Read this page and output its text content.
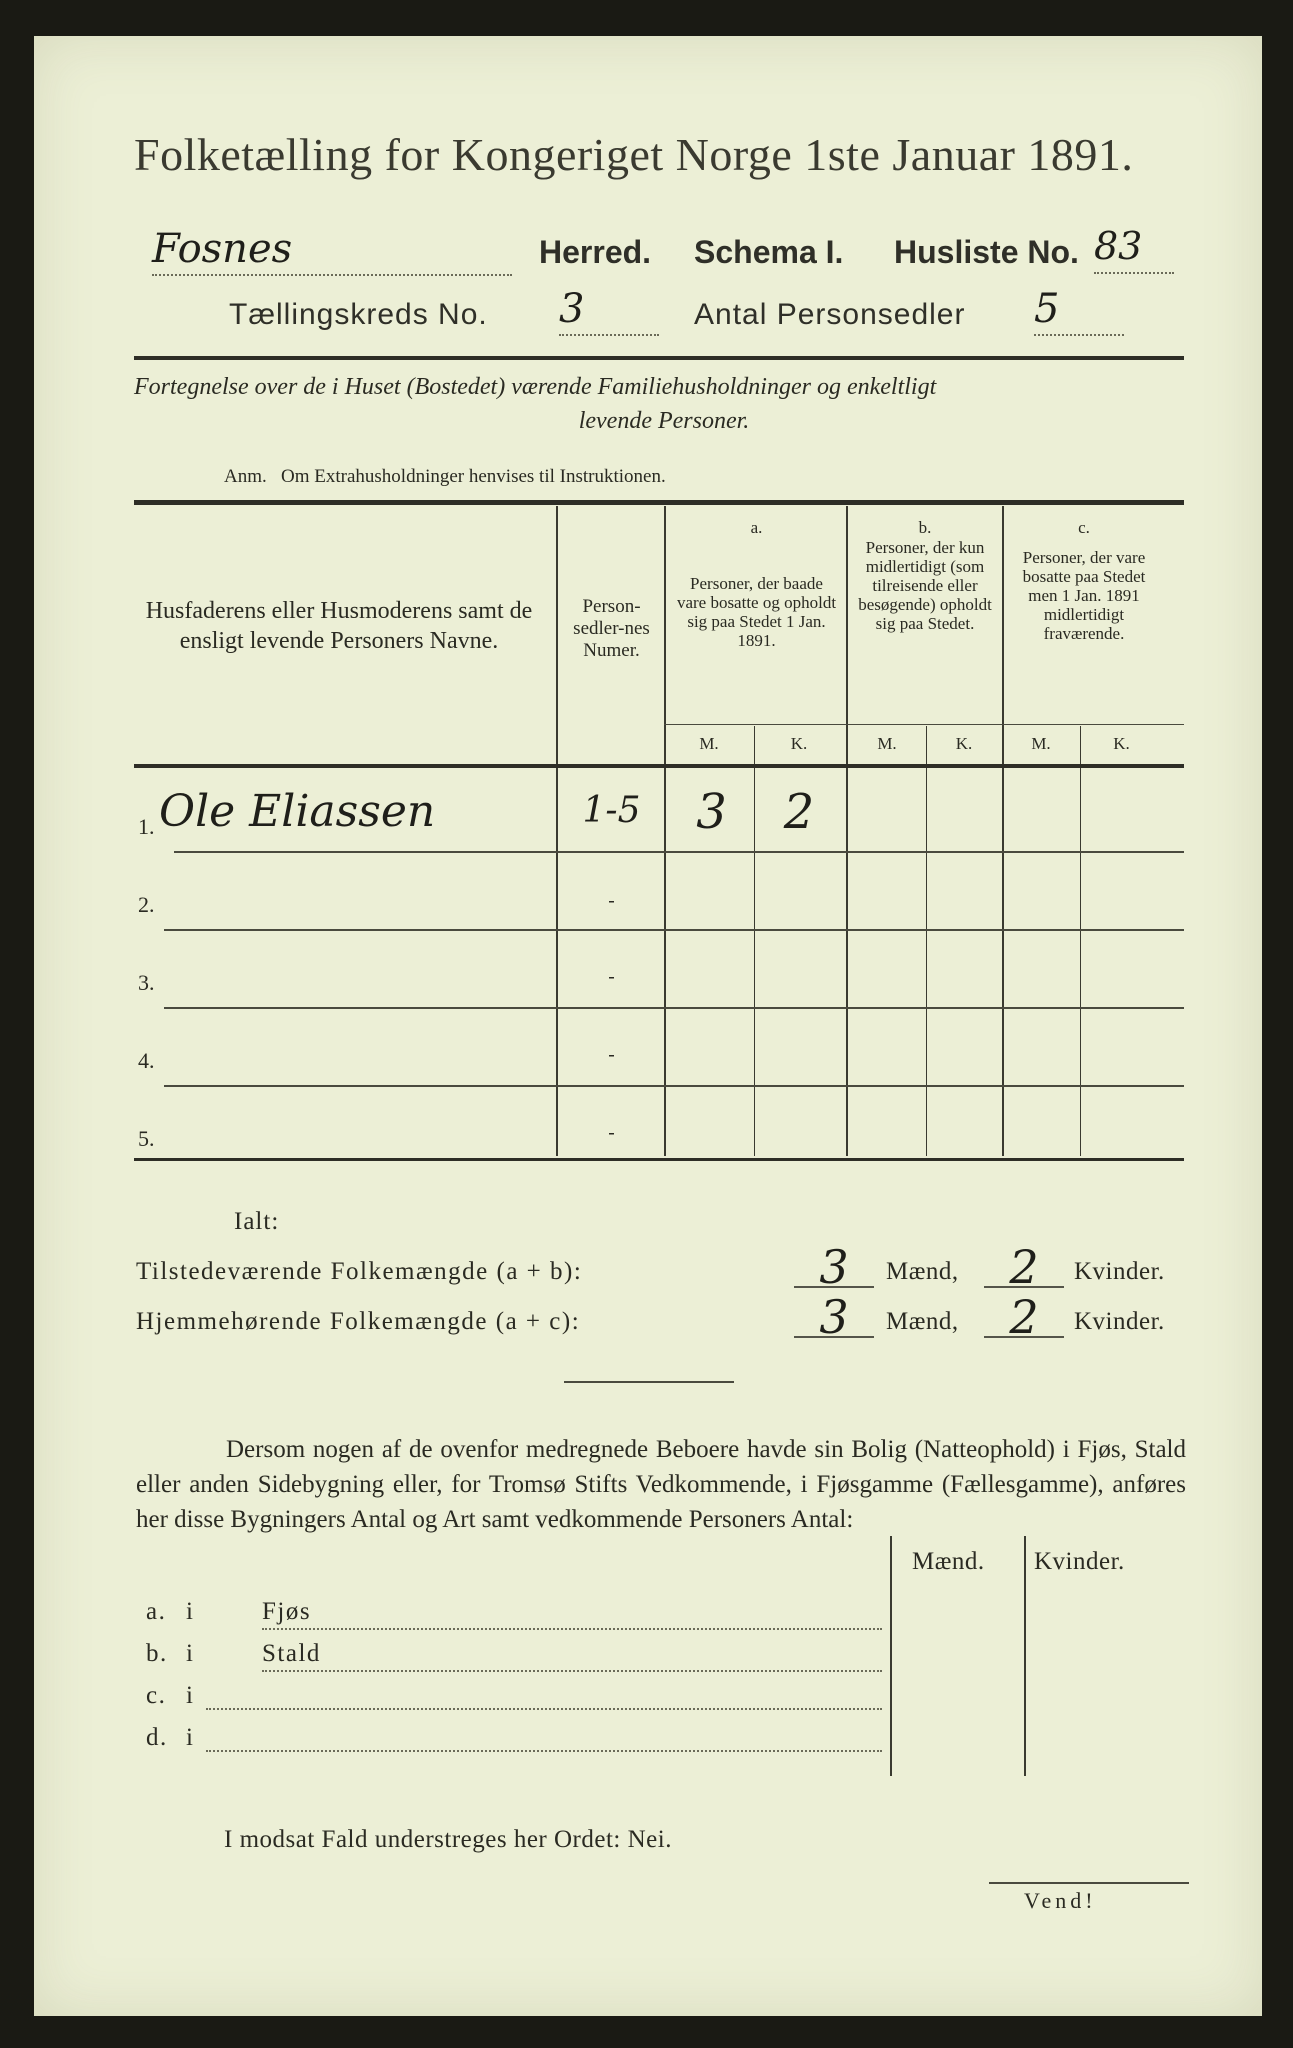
Folketælling for Kongeriget Norge 1ste Januar 1891.
Fosnes	Herred. Schema I. Husliste No. 83
Tællingskreds No. 3	Antal Personsedler 5
Fortegnelse over de i Huset (Bostedet) værende Familiehusholdninger og enkeltligt
levende Personer.
Anm.   Om Extrahusholdninger henvises til Instruktionen.
Husfaderens eller Husmoderens samt de ensligt levende Personers Navne.
Person-sedler-nes Numer.
a.
Personer, der baade vare bosatte og opholdt sig paa Stedet 1 Jan. 1891.
b.
Personer, der kun midlertidigt (som tilreisende eller besøgende) opholdt sig paa Stedet.
c.
Personer, der vare bosatte paa Stedet men 1 Jan. 1891 midlertidigt fraværende.
M.	K.	M.	K.	M.	K.
1. Ole Eliassen	1-5	3	2
2.	-
3.	-
4.	-
5.	-
Ialt:
Tilstedeværende Folkemængde (a + b):	3	Mænd,	2	Kvinder.
Hjemmehørende Folkemængde (a + c):	3	Mænd,	2	Kvinder.
Dersom nogen af de ovenfor medregnede Beboere havde sin Bolig (Natteophold) i Fjøs, Stald eller anden Sidebygning eller, for Tromsø Stifts Vedkommende, i Fjøsgamme (Fællesgamme), anføres her disse Bygningers Antal og Art samt vedkommende Personers Antal:
Mænd. Kvinder.
a. i	Fjøs
b. i	Stald
c. i
d. i
I modsat Fald understreges her Ordet: Nei.
Vend!
